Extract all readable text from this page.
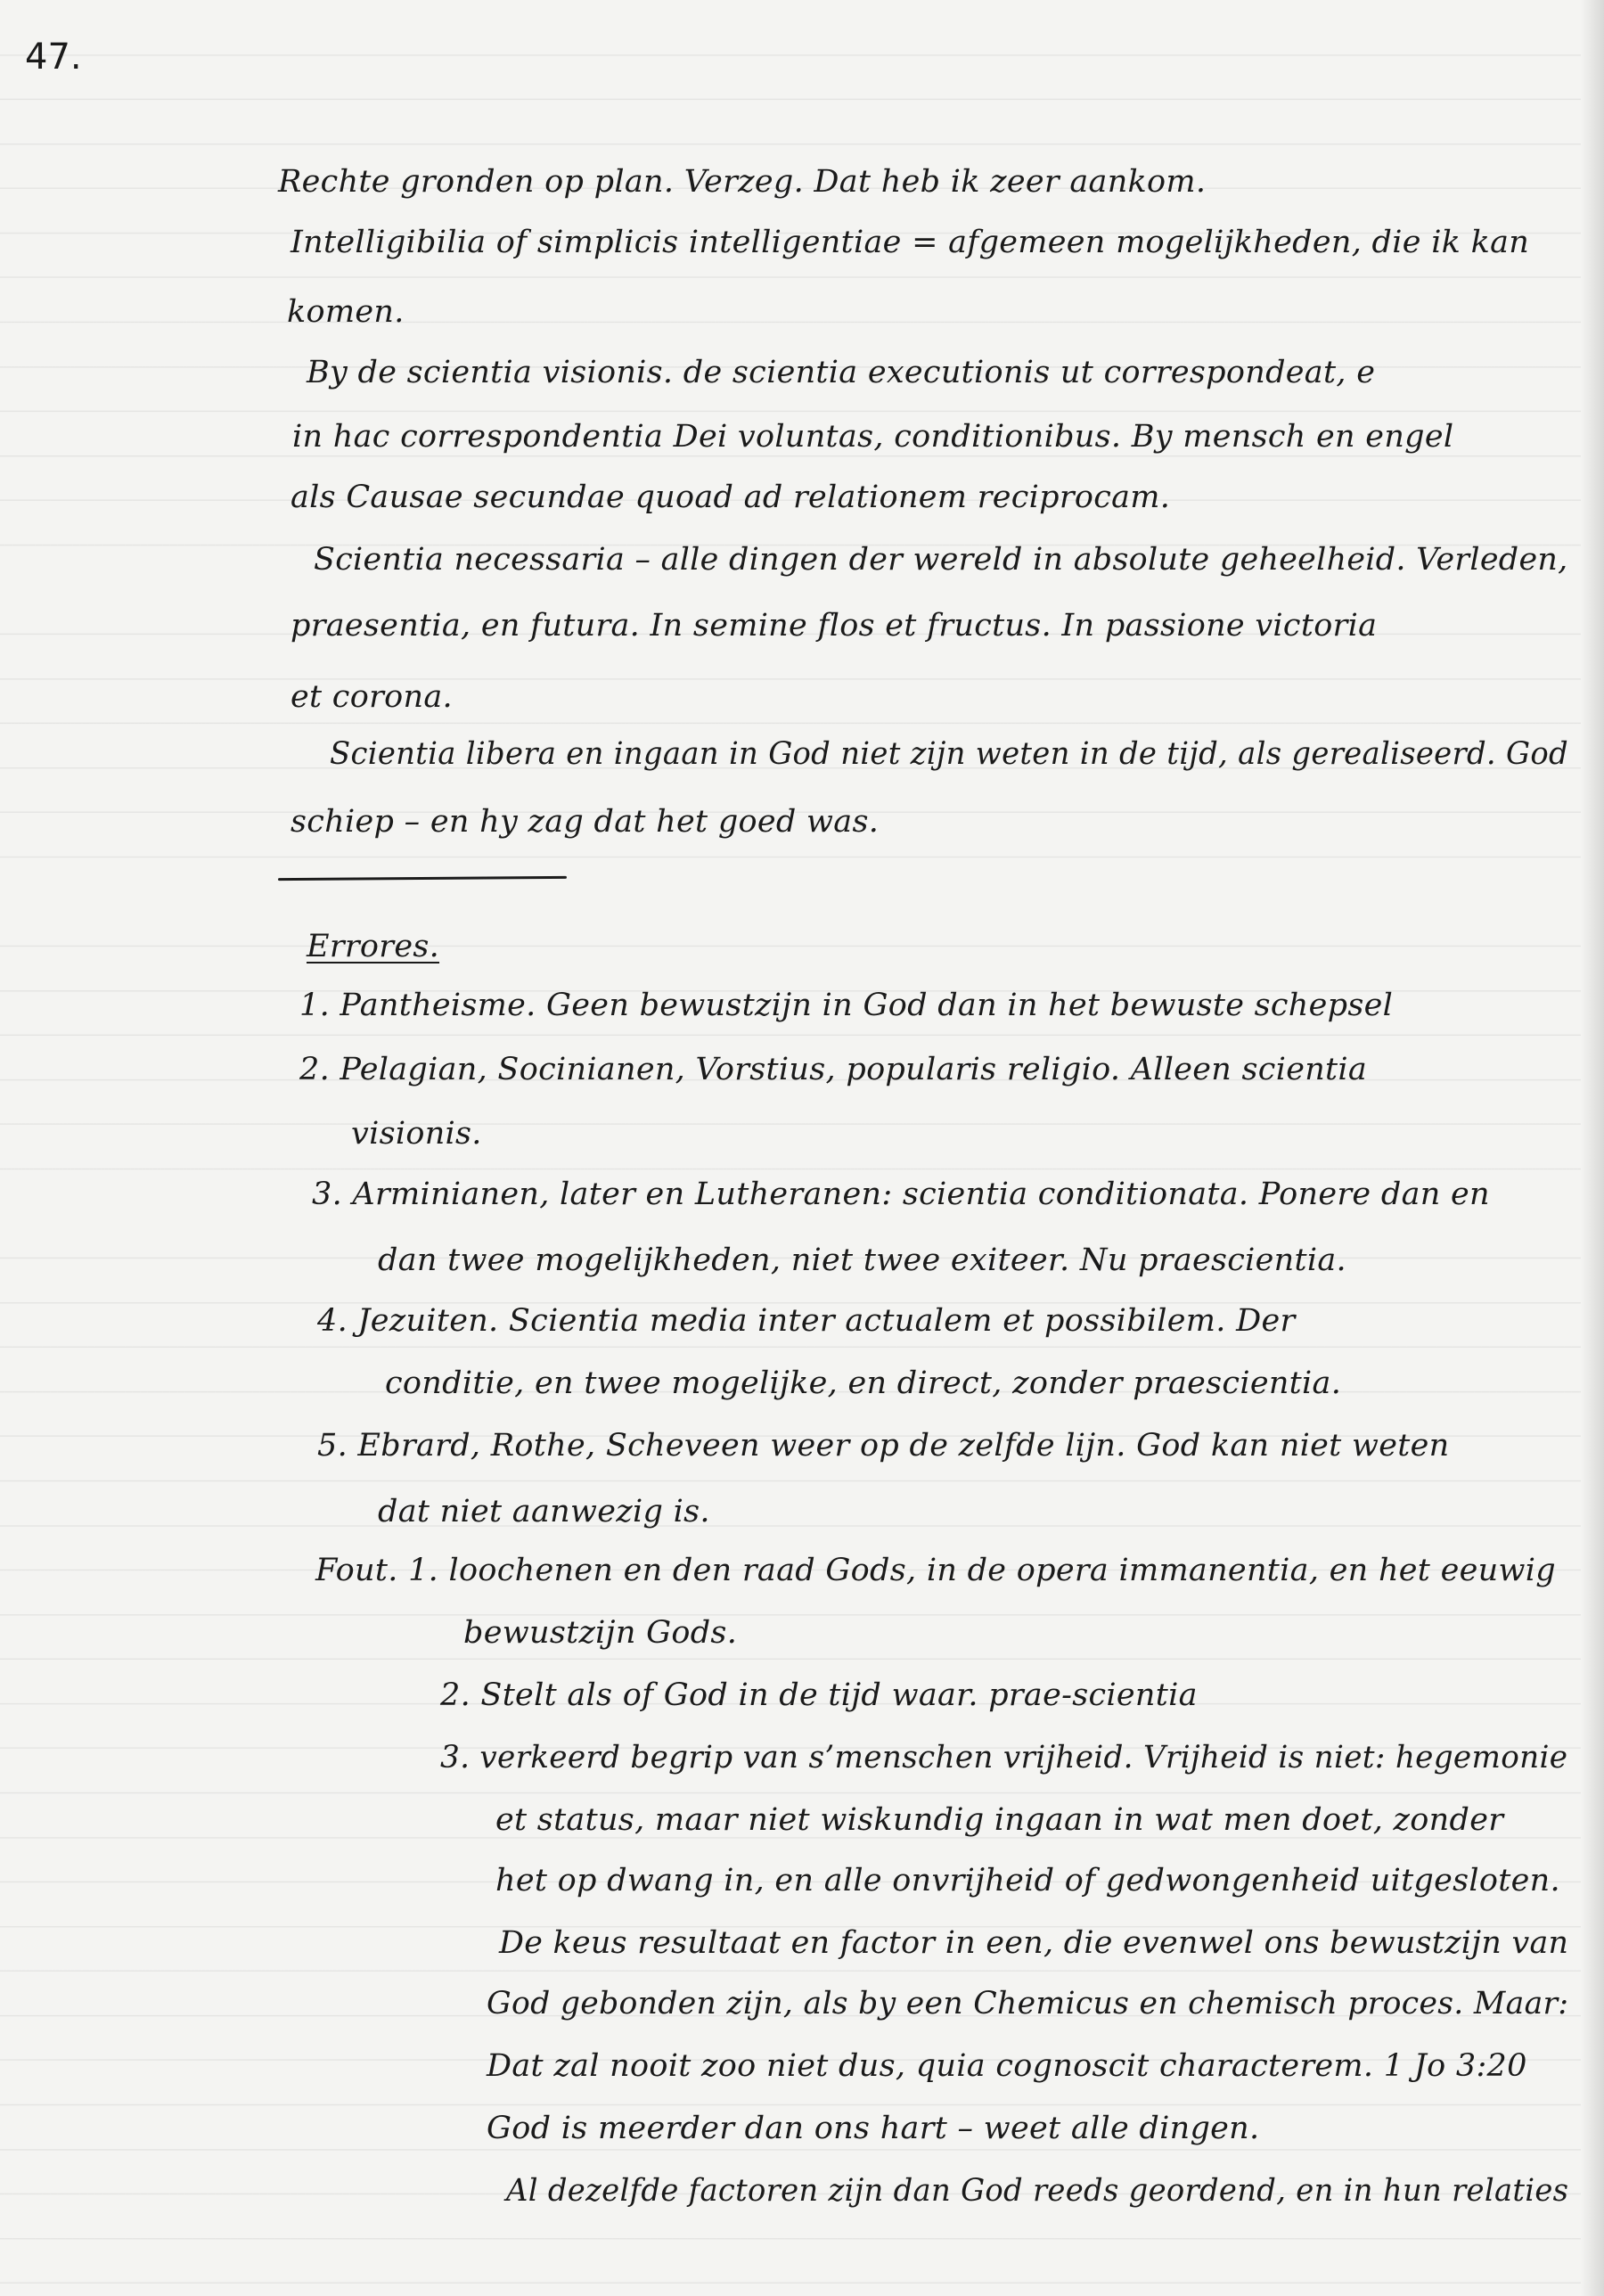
47.
Rechte gronden op plan. Verzeg. Dat heb ik zeer aankom.
Intelligibilia of simplicis intelligentiae = afgemeen mogelijkheden, die ik kan
komen.
By de scientia visionis. de scientia executionis ut correspondeat, e
in hac correspondentia Dei voluntas, conditionibus. By mensch en engel
als Causae secundae quoad ad relationem reciprocam.
Scientia necessaria – alle dingen der wereld in absolute geheelheid. Verleden,
praesentia, en futura. In semine flos et fructus. In passione victoria
et corona.
Scientia libera en ingaan in God niet zijn weten in de tijd, als gerealiseerd. God
schiep – en hy zag dat het goed was.
Errores.
1. Pantheisme. Geen bewustzijn in God dan in het bewuste schepsel
2. Pelagian, Socinianen, Vorstius, popularis religio. Alleen scientia
visionis.
3. Arminianen, later en Lutheranen: scientia conditionata. Ponere dan en
dan twee mogelijkheden, niet twee exiteer. Nu praescientia.
4. Jezuiten. Scientia media inter actualem et possibilem. Der
conditie, en twee mogelijke, en direct, zonder praescientia.
5. Ebrard, Rothe, Scheveen weer op de zelfde lijn. God kan niet weten
dat niet aanwezig is.
Fout. 1. loochenen en den raad Gods, in de opera immanentia, en het eeuwig
bewustzijn Gods.
2. Stelt als of God in de tijd waar. prae-scientia
3. verkeerd begrip van s’menschen vrijheid. Vrijheid is niet: hegemonie
et status, maar niet wiskundig ingaan in wat men doet, zonder
het op dwang in, en alle onvrijheid of gedwongenheid uitgesloten.
De keus resultaat en factor in een, die evenwel ons bewustzijn van
God gebonden zijn, als by een Chemicus en chemisch proces. Maar:
Dat zal nooit zoo niet dus, quia cognoscit characterem. 1 Jo 3:20
God is meerder dan ons hart – weet alle dingen.
Al dezelfde factoren zijn dan God reeds geordend, en in hun relaties
